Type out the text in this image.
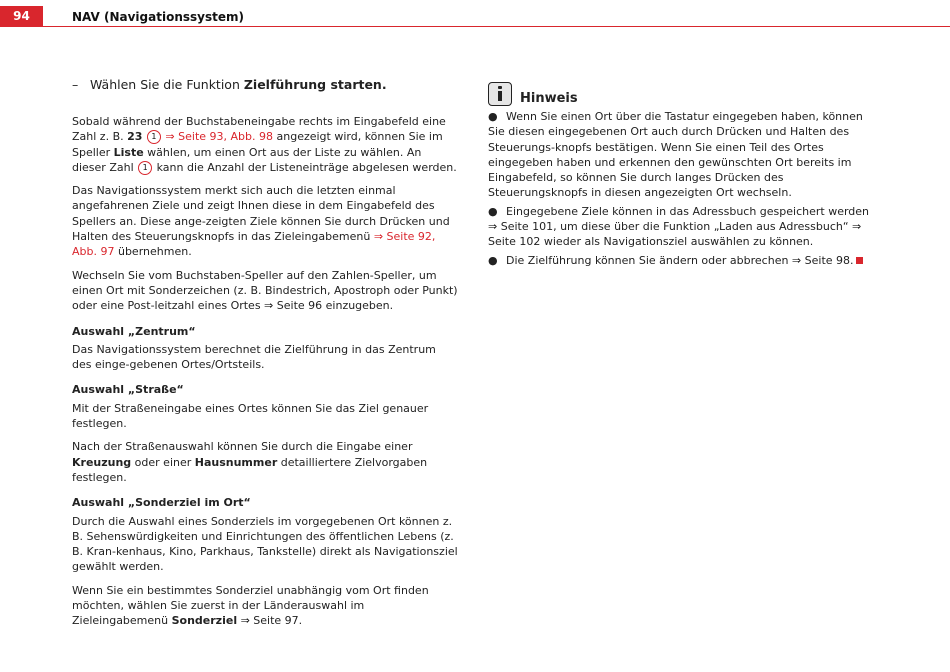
94	NAV (Navigationssystem)
– Wählen Sie die Funktion Zielführung starten.

Sobald während der Buchstabeneingabe rechts im Eingabefeld eine Zahl z. B. 23 1 ⇒ Seite 93, Abb. 98 angezeigt wird, können Sie im Speller Liste wählen, um einen Ort aus der Liste zu wählen. An dieser Zahl 1 kann die Anzahl der Listeneinträge abgelesen werden.

Das Navigationssystem merkt sich auch die letzten einmal angefahrenen Ziele und zeigt Ihnen diese in dem Eingabefeld des Spellers an. Diese ange-zeigten Ziele können Sie durch Drücken und Halten des Steuerungsknopfs in das Zieleingabemenü ⇒ Seite 92, Abb. 97 übernehmen.

Wechseln Sie vom Buchstaben-Speller auf den Zahlen-Speller, um einen Ort mit Sonderzeichen (z. B. Bindestrich, Apostroph oder Punkt) oder eine Post-leitzahl eines Ortes ⇒ Seite 96 einzugeben.

Auswahl „Zentrum“

Das Navigationssystem berechnet die Zielführung in das Zentrum des einge-gebenen Ortes/Ortsteils.

Auswahl „Straße“

Mit der Straßeneingabe eines Ortes können Sie das Ziel genauer festlegen.

Nach der Straßenauswahl können Sie durch die Eingabe einer Kreuzung oder einer Hausnummer detailliertere Zielvorgaben festlegen.

Auswahl „Sonderziel im Ort“

Durch die Auswahl eines Sonderziels im vorgegebenen Ort können z. B. Sehenswürdigkeiten und Einrichtungen des öffentlichen Lebens (z. B. Kran-kenhaus, Kino, Parkhaus, Tankstelle) direkt als Navigationsziel gewählt werden.

Wenn Sie ein bestimmtes Sonderziel unabhängig vom Ort finden möchten, wählen Sie zuerst in der Länderauswahl im Zieleingabemenü Sonderziel ⇒ Seite 97.

Hinweis
● Wenn Sie einen Ort über die Tastatur eingegeben haben, können Sie diesen eingegebenen Ort auch durch Drücken und Halten des Steuerungs-knopfs bestätigen. Wenn Sie einen Teil des Ortes eingegeben haben und erkennen den gewünschten Ort bereits im Eingabefeld, so können Sie durch langes Drücken des Steuerungsknopfs in diesen angezeigten Ort wechseln.
● Eingegebene Ziele können in das Adressbuch gespeichert werden ⇒ Seite 101, um diese über die Funktion „Laden aus Adressbuch“ ⇒ Seite 102 wieder als Navigationsziel auswählen zu können.
● Die Zielführung können Sie ändern oder abbrechen ⇒ Seite 98.
